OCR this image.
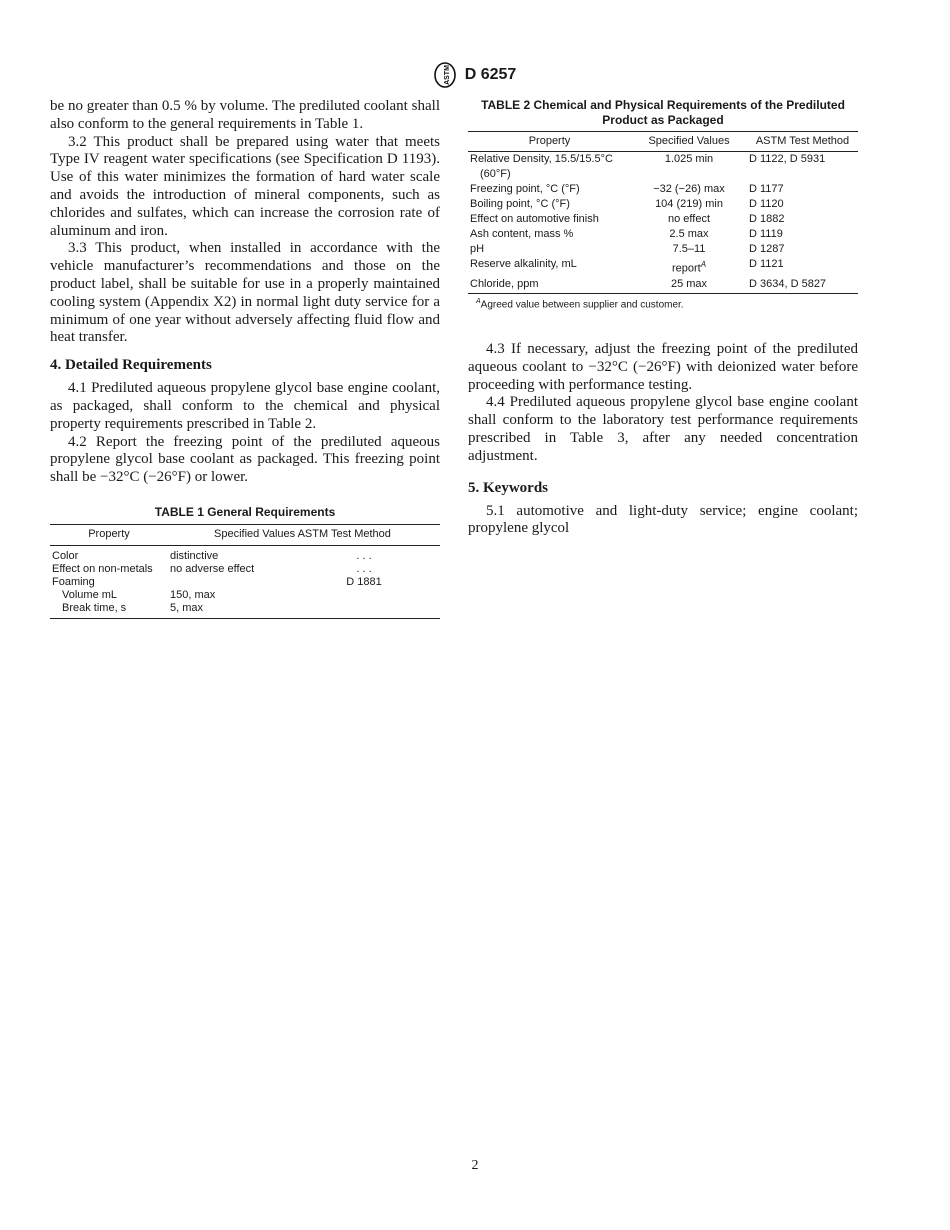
ASTM D 6257

be no greater than 0.5 % by volume. The prediluted coolant shall also conform to the general requirements in Table 1.

3.2 This product shall be prepared using water that meets Type IV reagent water specifications (see Specification D 1193). Use of this water minimizes the formation of hard water scale and avoids the introduction of mineral components, such as chlorides and sulfates, which can increase the corrosion rate of aluminum and iron.

3.3 This product, when installed in accordance with the vehicle manufacturer’s recommendations and those on the product label, shall be suitable for use in a properly maintained cooling system (Appendix X2) in normal light duty service for a minimum of one year without adversely affecting fluid flow and heat transfer.

4. Detailed Requirements

4.1 Prediluted aqueous propylene glycol base engine coolant, as packaged, shall conform to the chemical and physical property requirements prescribed in Table 2.

4.2 Report the freezing point of the prediluted aqueous propylene glycol base coolant as packaged. This freezing point shall be −32°C (−26°F) or lower.

TABLE 1 General Requirements
Property	Specified Values ASTM Test Method	
Color	distinctive	. . .
Effect on non-metals	no adverse effect	. . .
Foaming		D 1881
Volume mL	150, max	
Break time, s	5, max	
TABLE 2 Chemical and Physical Requirements of the Prediluted Product as Packaged
Property	Specified Values	ASTM Test Method
Relative Density, 15.5/15.5°C
(60°F)	1.025 min	D 1122, D 5931
Freezing point, °C (°F)	−32 (−26) max	D 1177
Boiling point, °C (°F)	104 (219) min	D 1120
Effect on automotive finish	no effect	D 1882
Ash content, mass %	2.5 max	D 1119
pH	7.5–11	D 1287
Reserve alkalinity, mL	report$^A$	D 1121
Chloride, ppm	25 max	D 3634, D 5827
$^A$Agreed value between supplier and customer.

4.3 If necessary, adjust the freezing point of the prediluted aqueous coolant to −32°C (−26°F) with deionized water before proceeding with performance testing.

4.4 Prediluted aqueous propylene glycol base engine coolant shall conform to the laboratory test performance requirements prescribed in Table 3, after any needed concentration adjustment.

5. Keywords

5.1 automotive and light-duty service; engine coolant; propylene glycol

2
